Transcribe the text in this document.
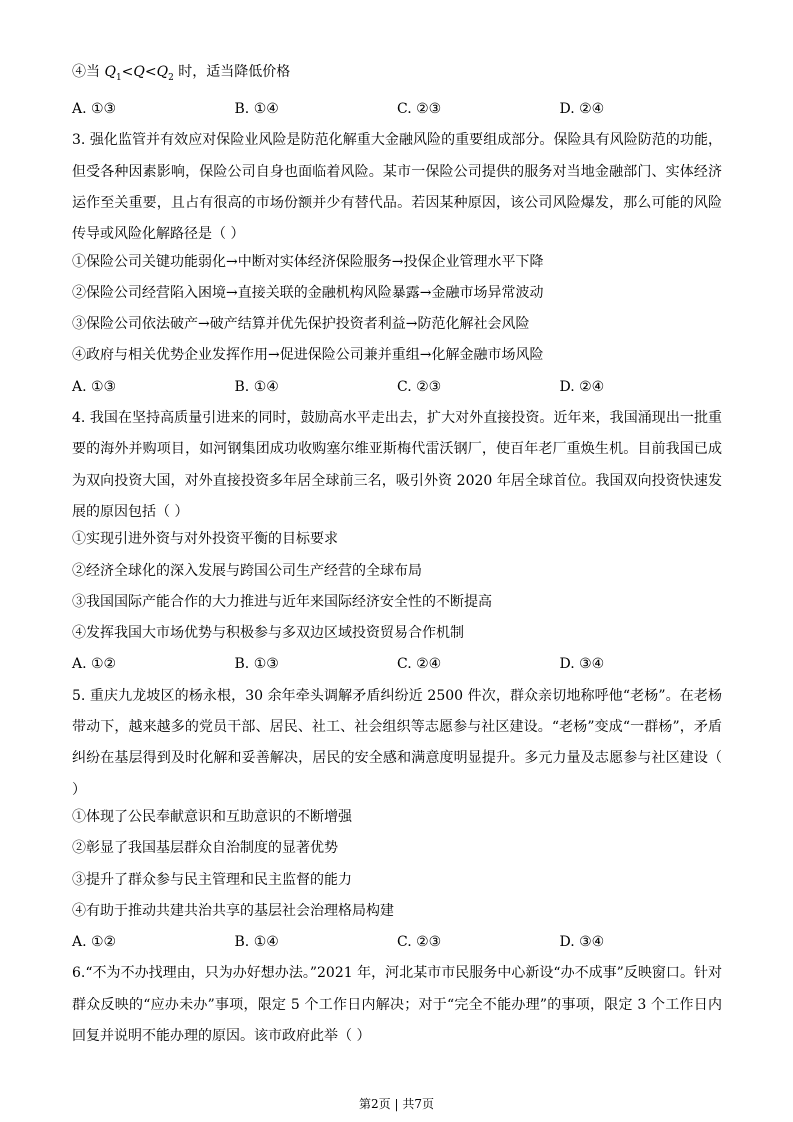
④当 $Q_1<Q<Q_2$ 时，适当降低价格
A. ①③	B. ①④	C. ②③	D. ②④
3. 强化监管并有效应对保险业风险是防范化解重大金融风险的重要组成部分。保险具有风险防范的功能，但受各种因素影响，保险公司自身也面临着风险。某市一保险公司提供的服务对当地金融部门、实体经济运作至关重要，且占有很高的市场份额并少有替代品。若因某种原因，该公司风险爆发，那么可能的风险传导或风险化解路径是（ ）
①保险公司关键功能弱化→中断对实体经济保险服务→投保企业管理水平下降
②保险公司经营陷入困境→直接关联的金融机构风险暴露→金融市场异常波动
③保险公司依法破产→破产结算并优先保护投资者利益→防范化解社会风险
④政府与相关优势企业发挥作用→促进保险公司兼并重组→化解金融市场风险
A. ①③	B. ①④	C. ②③	D. ②④
4. 我国在坚持高质量引进来的同时，鼓励高水平走出去，扩大对外直接投资。近年来，我国涌现出一批重要的海外并购项目，如河钢集团成功收购塞尔维亚斯梅代雷沃钢厂，使百年老厂重焕生机。目前我国已成为双向投资大国，对外直接投资多年居全球前三名，吸引外资 2020 年居全球首位。我国双向投资快速发展的原因包括（ ）
①实现引进外资与对外投资平衡的目标要求
②经济全球化的深入发展与跨国公司生产经营的全球布局
③我国国际产能合作的大力推进与近年来国际经济安全性的不断提高
④发挥我国大市场优势与积极参与多双边区域投资贸易合作机制
A. ①②	B. ①③	C. ②④	D. ③④
5. 重庆九龙坡区的杨永根，30 余年牵头调解矛盾纠纷近 2500 件次，群众亲切地称呼他“老杨”。在老杨带动下，越来越多的党员干部、居民、社工、社会组织等志愿参与社区建设。“老杨”变成“一群杨”，矛盾纠纷在基层得到及时化解和妥善解决，居民的安全感和满意度明显提升。多元力量及志愿参与社区建设（ ）
①体现了公民奉献意识和互助意识的不断增强
②彰显了我国基层群众自治制度的显著优势
③提升了群众参与民主管理和民主监督的能力
④有助于推动共建共治共享的基层社会治理格局构建
A. ①②	B. ①④	C. ②③	D. ③④
6.“不为不办找理由，只为办好想办法。”2021 年，河北某市市民服务中心新设“办不成事”反映窗口。针对群众反映的“应办未办”事项，限定 5 个工作日内解决；对于“完全不能办理”的事项，限定 3 个工作日内回复并说明不能办理的原因。该市政府此举（ ）
第2页 | 共7页
